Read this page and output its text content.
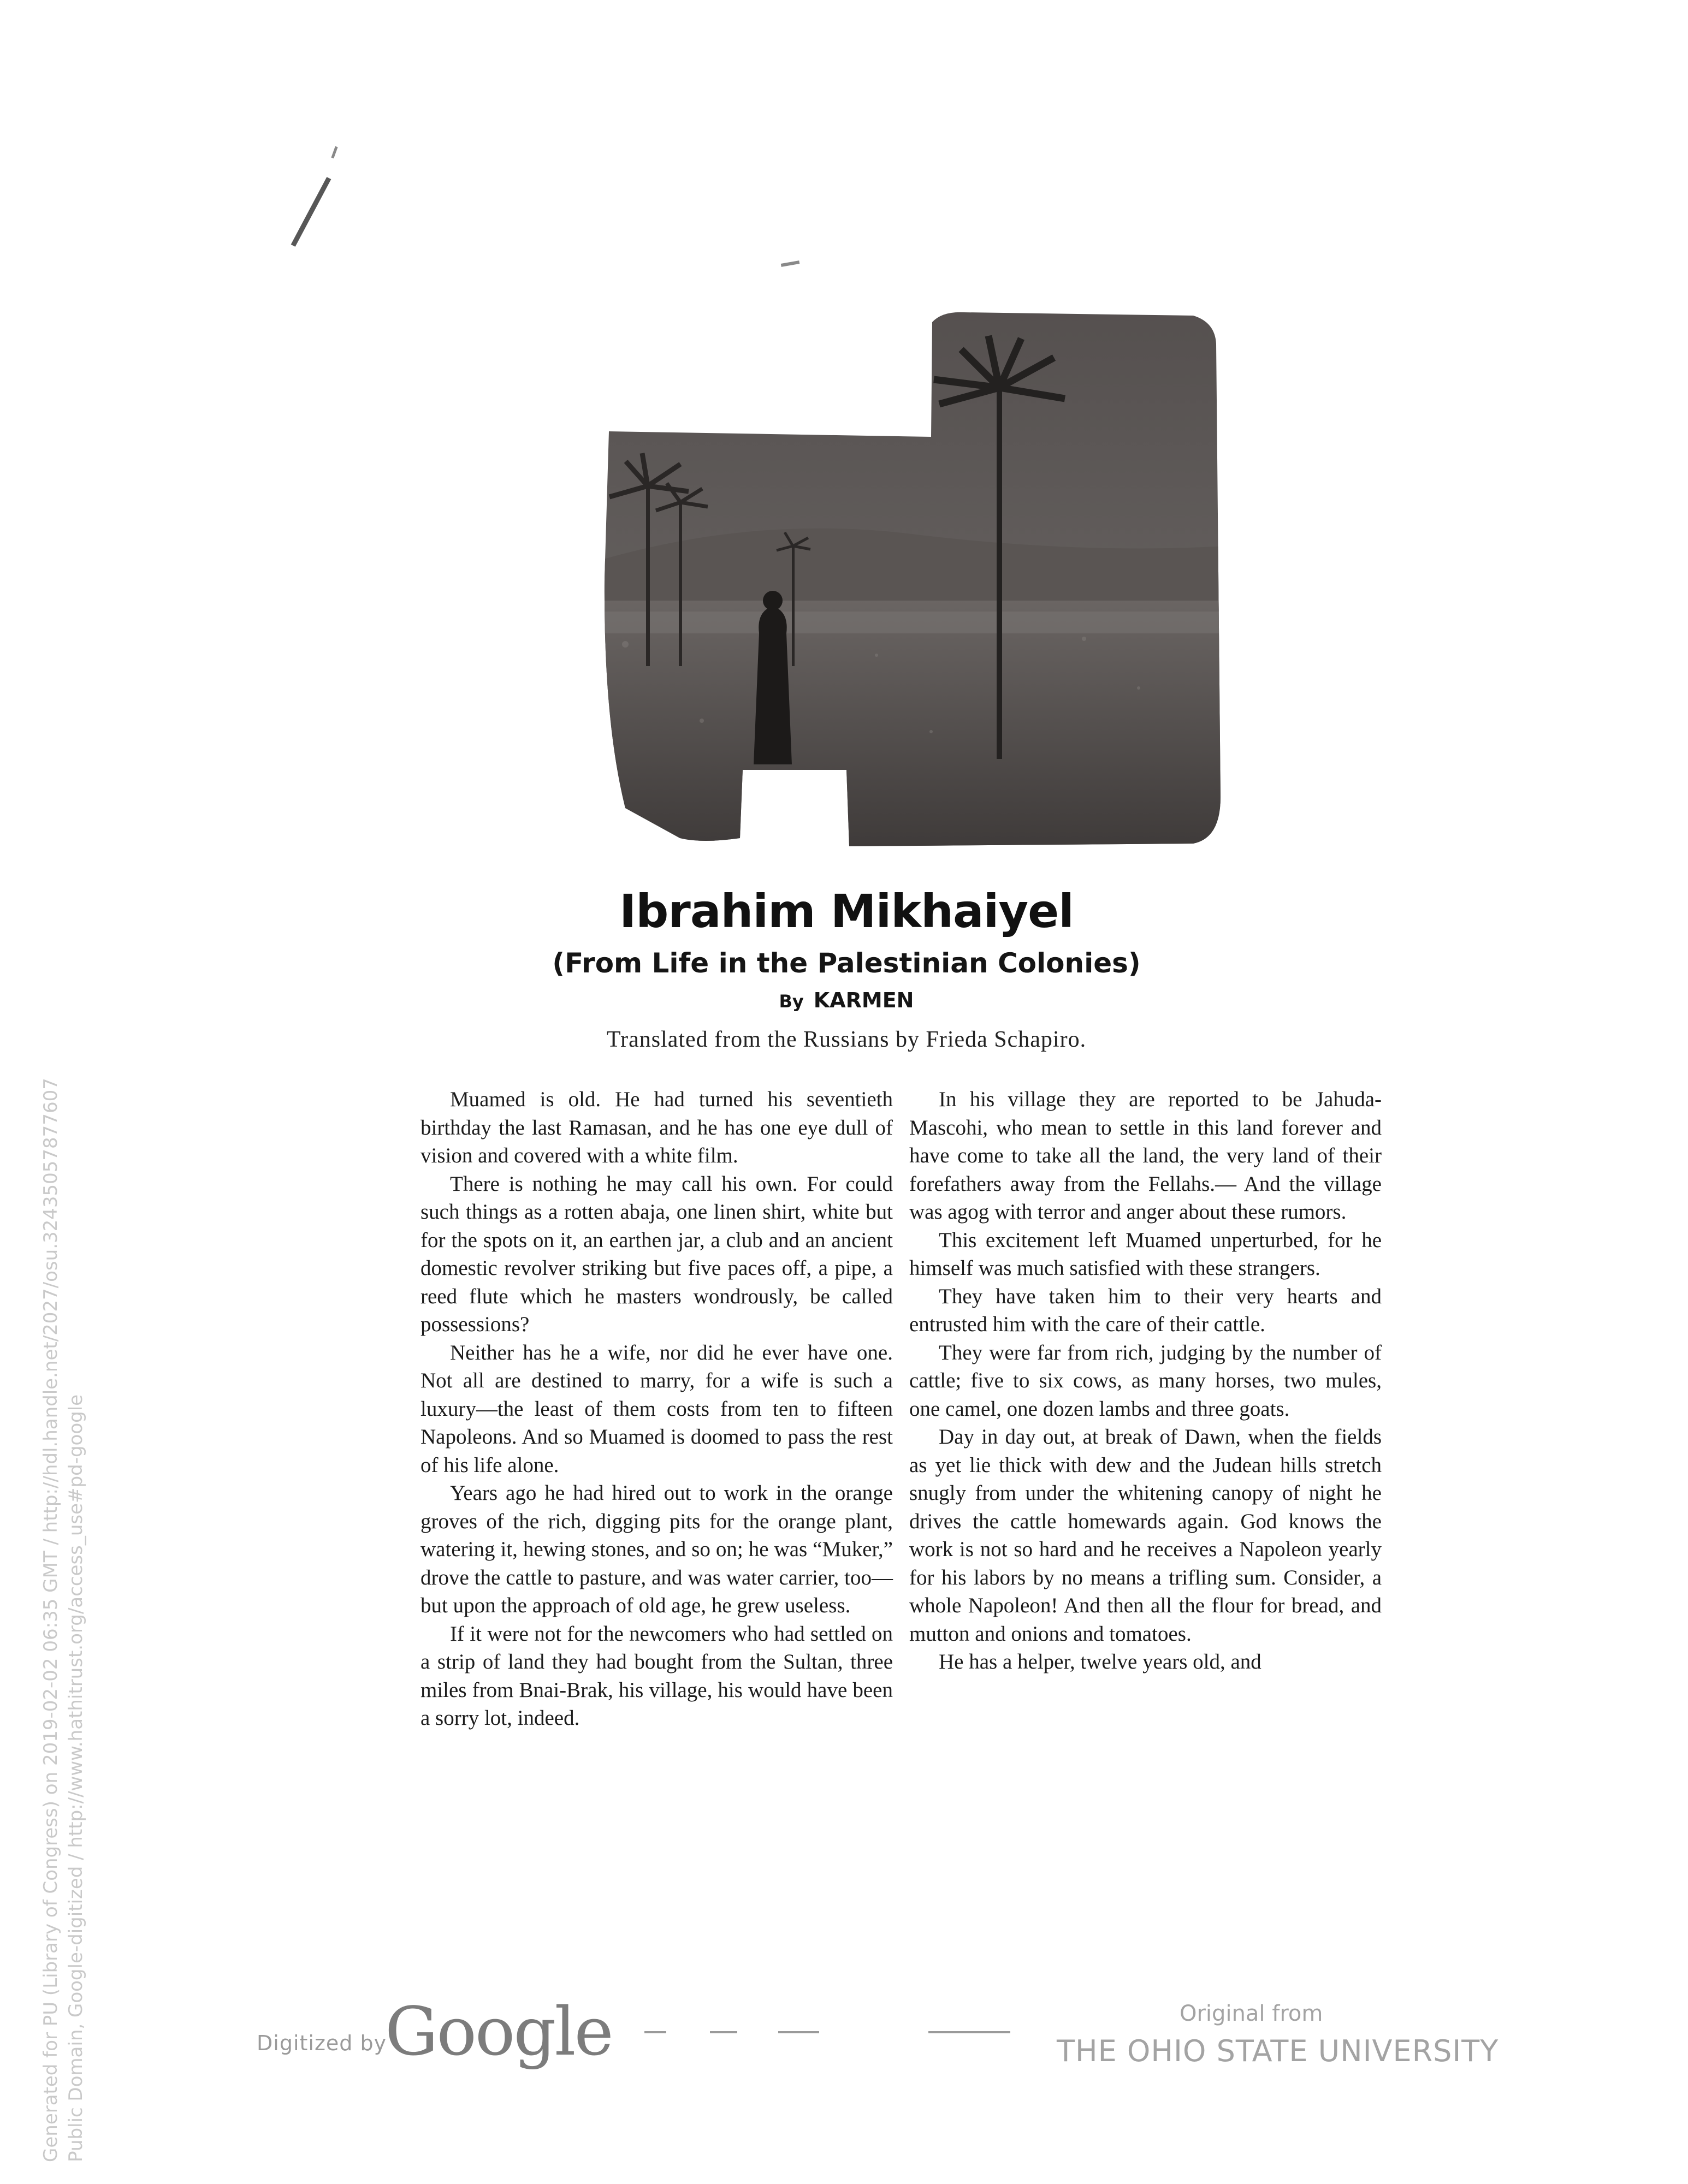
Generated for PU (Library of Congress) on 2019-02-02 06:35 GMT / http://hdl.handle.net/2027/osu.32435057877607 Public Domain, Google-digitized / http://www.hathitrust.org/access_use#pd-google
Ibrahim Mikhaiyel
(From Life in the Palestinian Colonies)
By KARMEN
Translated from the Russians by Frieda Schapiro.

Muamed is old. He had turned his seventieth birthday the last Ramasan, and he has one eye dull of vision and covered with a white film.

There is nothing he may call his own. For could such things as a rotten abaja, one linen shirt, white but for the spots on it, an earthen jar, a club and an ancient domestic revolver striking but five paces off, a pipe, a reed flute which he masters wondrously, be called possessions?

Neither has he a wife, nor did he ever have one. Not all are destined to marry, for a wife is such a luxury—the least of them costs from ten to fifteen Napoleons. And so Muamed is doomed to pass the rest of his life alone.

Years ago he had hired out to work in the orange groves of the rich, digging pits for the orange plant, watering it, hewing stones, and so on; he was “Muker,” drove the cattle to pasture, and was water carrier, too— but upon the approach of old age, he grew useless.

If it were not for the newcomers who had settled on a strip of land they had bought from the Sultan, three miles from Bnai-Brak, his village, his would have been a sorry lot, indeed.

In his village they are reported to be Jahuda-Mascohi, who mean to settle in this land forever and have come to take all the land, the very land of their forefathers away from the Fellahs.— And the village was agog with terror and anger about these rumors.

This excitement left Muamed unperturbed, for he himself was much satisfied with these strangers.

They have taken him to their very hearts and entrusted him with the care of their cattle.

They were far from rich, judging by the number of cattle; five to six cows, as many horses, two mules, one camel, one dozen lambs and three goats.

Day in day out, at break of Dawn, when the fields as yet lie thick with dew and the Judean hills stretch snugly from under the whitening canopy of night he drives the cattle homewards again. God knows the work is not so hard and he receives a Napoleon yearly for his labors by no means a trifling sum. Consider, a whole Napoleon! And then all the flour for bread, and mutton and onions and tomatoes.

He has a helper, twelve years old, and

Digitized by
Google	Original from
THE OHIO STATE UNIVERSITY
